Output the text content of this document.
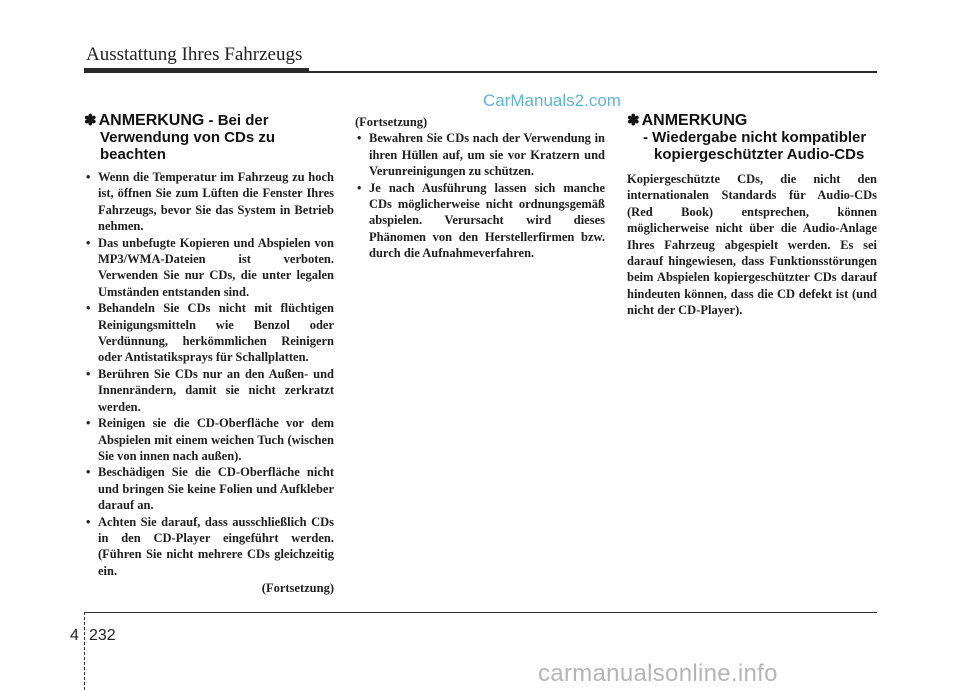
Ausstattung Ihres Fahrzeugs
CarManuals2.com
✽ ANMERKUNG - Bei der
Verwendung von CDs zu
beachten
• Wenn die Temperatur im Fahrzeug zu hoch ist, öffnen Sie zum Lüften die Fenster Ihres Fahrzeugs, bevor Sie das System in Betrieb nehmen.
• Das unbefugte Kopieren und Abspielen von MP3/WMA-Dateien ist verboten. Verwenden Sie nur CDs, die unter legalen Umständen entstanden sind.
• Behandeln Sie CDs nicht mit flüchtigen Reinigungsmitteln wie Benzol oder Verdünnung, herkömmlichen Reinigern oder Antistatiksprays für Schallplatten.
• Berühren Sie CDs nur an den Außen- und Innenrändern, damit sie nicht zerkratzt werden.
• Reinigen sie die CD-Oberfläche vor dem Abspielen mit einem weichen Tuch (wischen Sie von innen nach außen).
• Beschädigen Sie die CD-Oberfläche nicht und bringen Sie keine Folien und Aufkleber darauf an.
• Achten Sie darauf, dass ausschließlich CDs in den CD-Player eingeführt werden. (Führen Sie nicht mehrere CDs gleichzeitig ein.
(Fortsetzung)
(Fortsetzung)
• Bewahren Sie CDs nach der Verwendung in ihren Hüllen auf, um sie vor Kratzern und Verunreinigungen zu schützen.
• Je nach Ausführung lassen sich manche CDs möglicherweise nicht ordnungsgemäß abspielen. Verursacht wird dieses Phänomen von den Herstellerfirmen bzw. durch die Aufnahmeverfahren.
✽ ANMERKUNG
- Wiedergabe nicht kompatibler
kopiergeschützter Audio-CDs
Kopiergeschützte CDs, die nicht den internationalen Standards für Audio-CDs (Red Book) entsprechen, können möglicherweise nicht über die Audio-Anlage Ihres Fahrzeug abgespielt werden. Es sei darauf hingewiesen, dass Funktionsstörungen beim Abspielen kopiergeschützter CDs darauf hindeuten können, dass die CD defekt ist (und nicht der CD-Player).
4 232
carmanualsonline.info
